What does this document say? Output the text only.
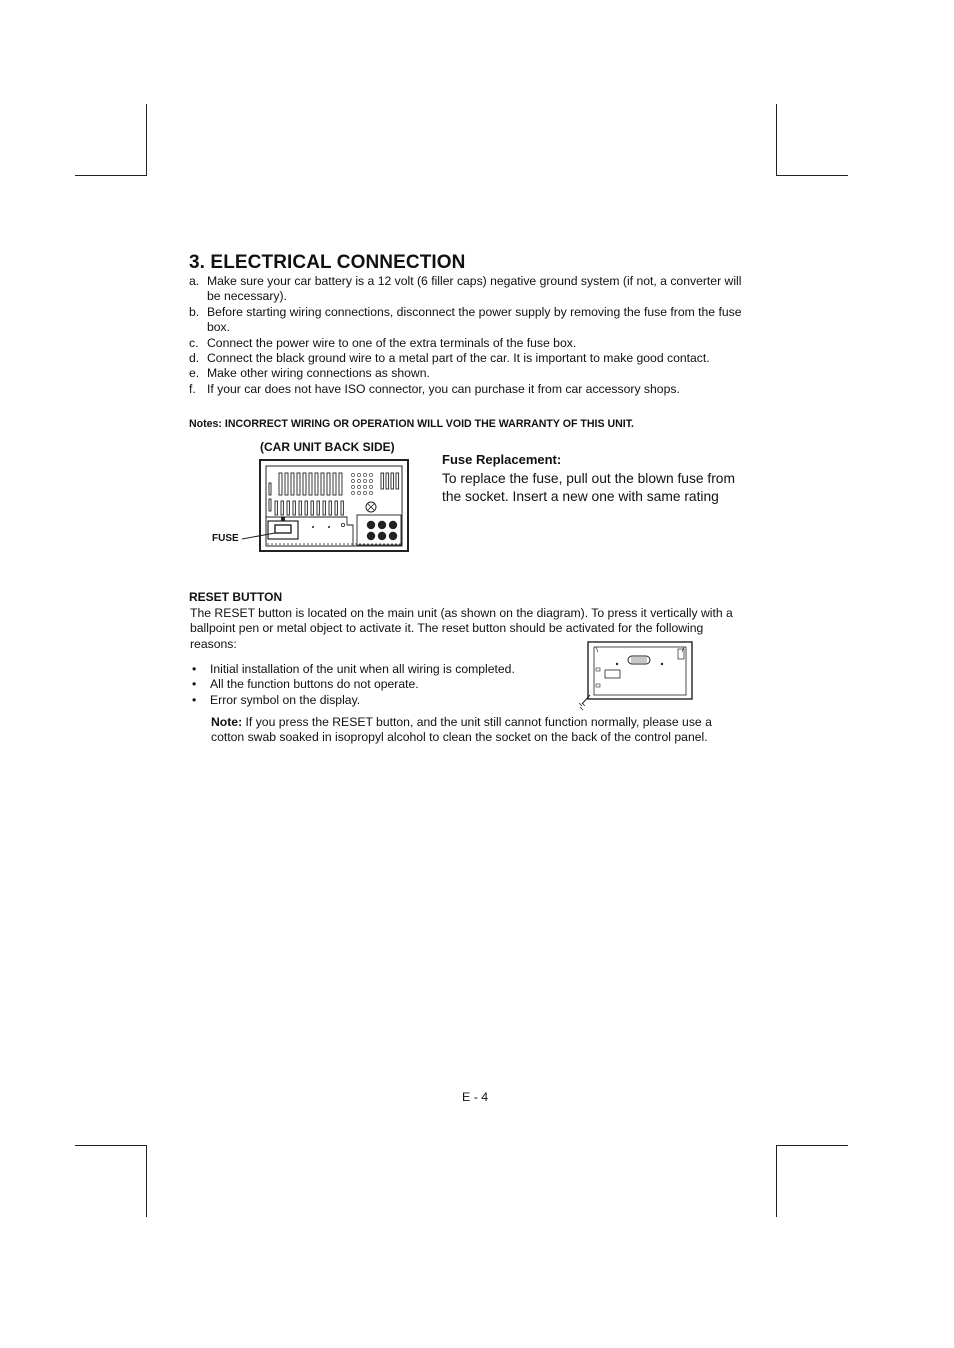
3. ELECTRICAL CONNECTION
a. Make sure your car battery is a 12 volt (6 filler caps) negative ground system (if not, a converter will be necessary).
b. Before starting wiring connections, disconnect the power supply by removing the fuse from the fuse box.
c. Connect the power wire to one of the extra terminals of the fuse box.
d. Connect the black ground wire to a metal part of the car. It is important to make good contact.
e. Make other wiring connections as shown.
f. If your car does not have ISO connector, you can purchase it from car accessory shops.
Notes: INCORRECT WIRING OR OPERATION WILL VOID THE WARRANTY OF THIS UNIT.
(CAR UNIT BACK SIDE)
FUSE
Fuse Replacement:
To replace the fuse, pull out the blown fuse from the socket. Insert a new one with same rating
RESET BUTTON
The RESET button is located on the main unit (as shown on the diagram). To press it vertically with a ballpoint pen or metal object to activate it. The reset button should be activated for the following reasons:
• Initial installation of the unit when all wiring is completed.
• All the function buttons do not operate.
• Error symbol on the display.
Note: If you press the RESET button, and the unit still cannot function normally, please use a cotton swab soaked in isopropyl alcohol to clean the socket on the back of the control panel.
E - 4
